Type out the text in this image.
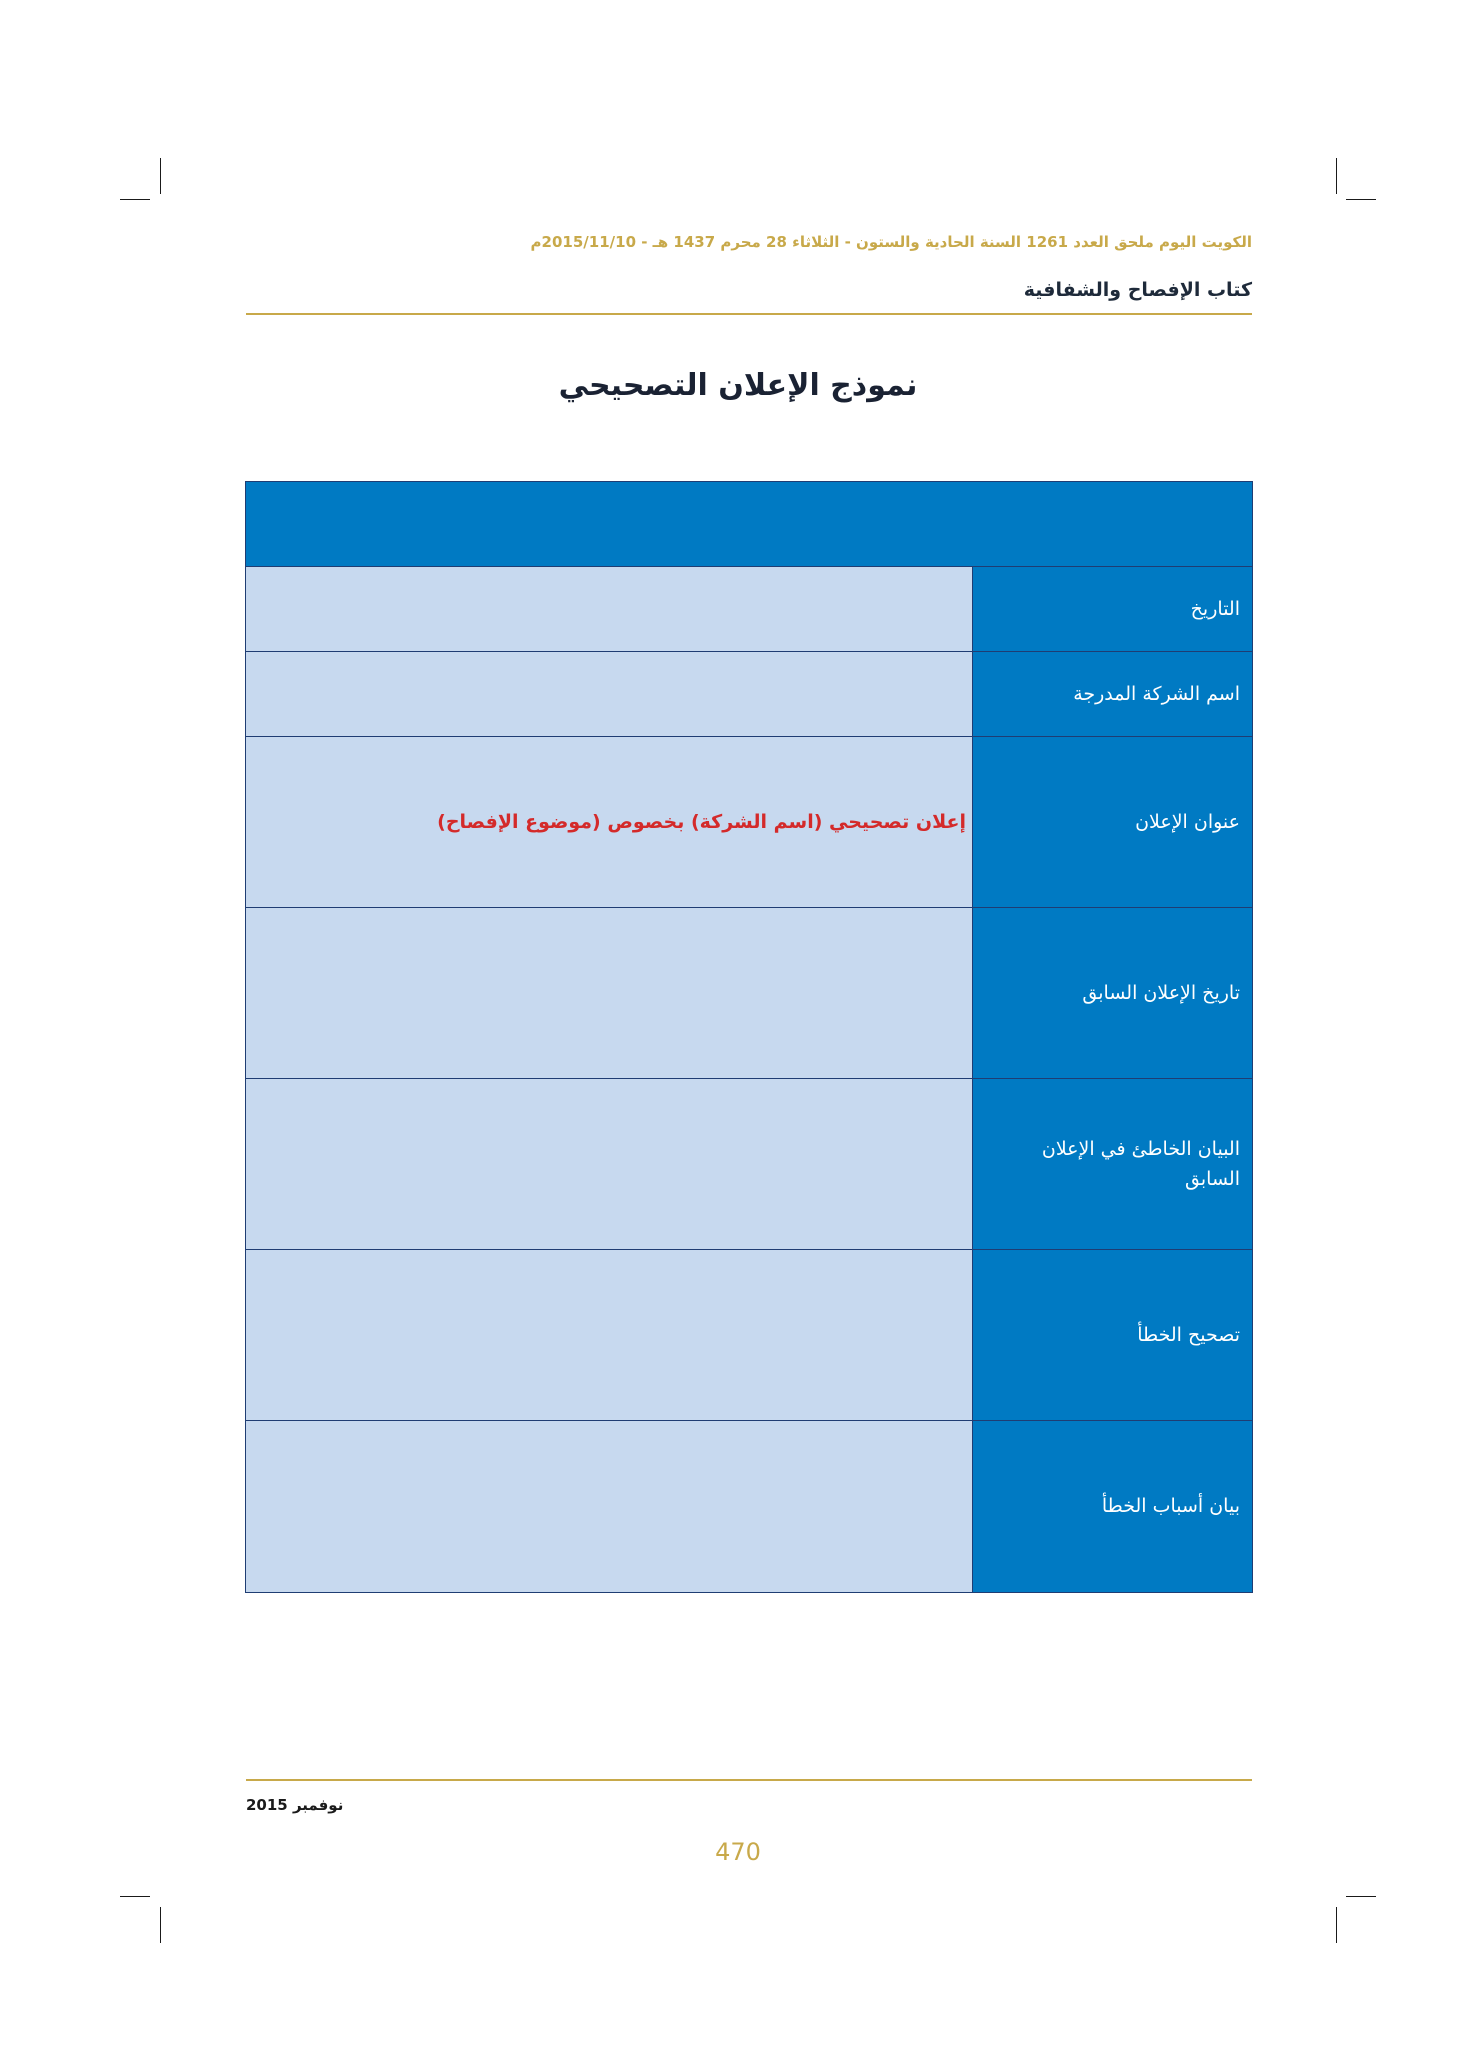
الكويت اليوم ملحق العدد 1261 السنة الحادية والستون - الثلاثاء 28 محرم 1437 هـ - 2015/11/10م
كتاب الإفصاح والشفافية
نموذج الإعلان التصحيحي
التاريخ
اسم الشركة المدرجة
عنوان الإعلان
إعلان تصحيحي (اسم الشركة) بخصوص (موضوع الإفصاح)
تاريخ الإعلان السابق
البيان الخاطئ في الإعلان السابق
تصحيح الخطأ
بيان أسباب الخطأ
نوفمبر 2015
470
